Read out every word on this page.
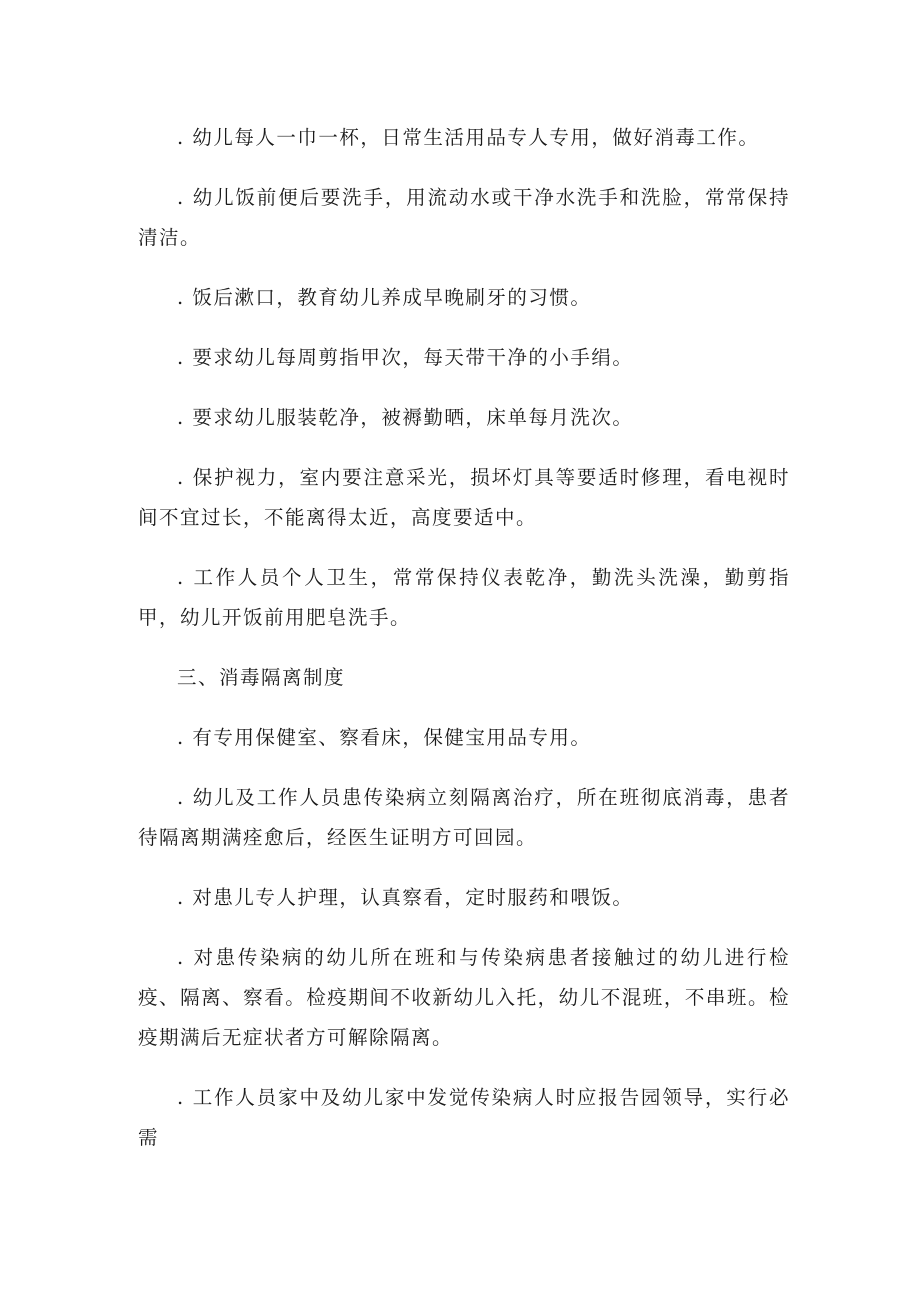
. 幼儿每人一巾一杯，日常生活用品专人专用，做好消毒工作。

. 幼儿饭前便后要洗手，用流动水或干净水洗手和洗脸，常常保持清洁。

. 饭后漱口，教育幼儿养成早晚刷牙的习惯。

. 要求幼儿每周剪指甲次，每天带干净的小手绢。

. 要求幼儿服装乾净，被褥勤晒，床单每月洗次。

. 保护视力，室内要注意采光，损坏灯具等要适时修理，看电视时间不宜过长，不能离得太近，高度要适中。

. 工作人员个人卫生，常常保持仪表乾净，勤洗头洗澡，勤剪指甲，幼儿开饭前用肥皂洗手。

三、消毒隔离制度

. 有专用保健室、察看床，保健宝用品专用。

. 幼儿及工作人员患传染病立刻隔离治疗，所在班彻底消毒，患者待隔离期满痊愈后，经医生证明方可回园。

. 对患儿专人护理，认真察看，定时服药和喂饭。

. 对患传染病的幼儿所在班和与传染病患者接触过的幼儿进行检疫、隔离、察看。检疫期间不收新幼儿入托，幼儿不混班，不串班。检疫期满后无症状者方可解除隔离。

. 工作人员家中及幼儿家中发觉传染病人时应报告园领导，实行必需
